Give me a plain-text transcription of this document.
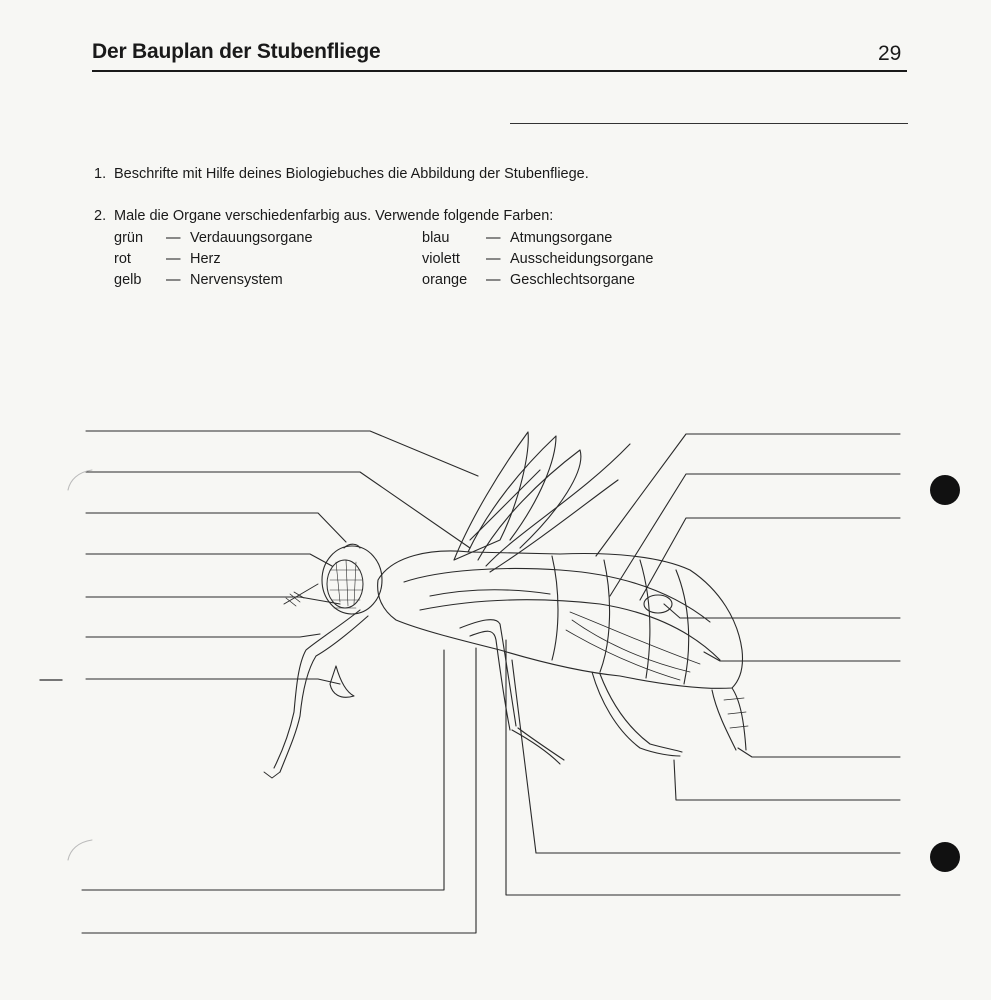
Der Bauplan der Stubenfliege	29
1. Beschrifte mit Hilfe deines Biologiebuches die Abbildung der Stubenfliege.
2. Male die Organe verschiedenfarbig aus. Verwende folgende Farben:
grün — Verdauungsorgane
rot — Herz
gelb — Nervensystem
blau	— Atmungsorgane
violett — Ausscheidungsorgane
orange — Geschlechtsorgane
